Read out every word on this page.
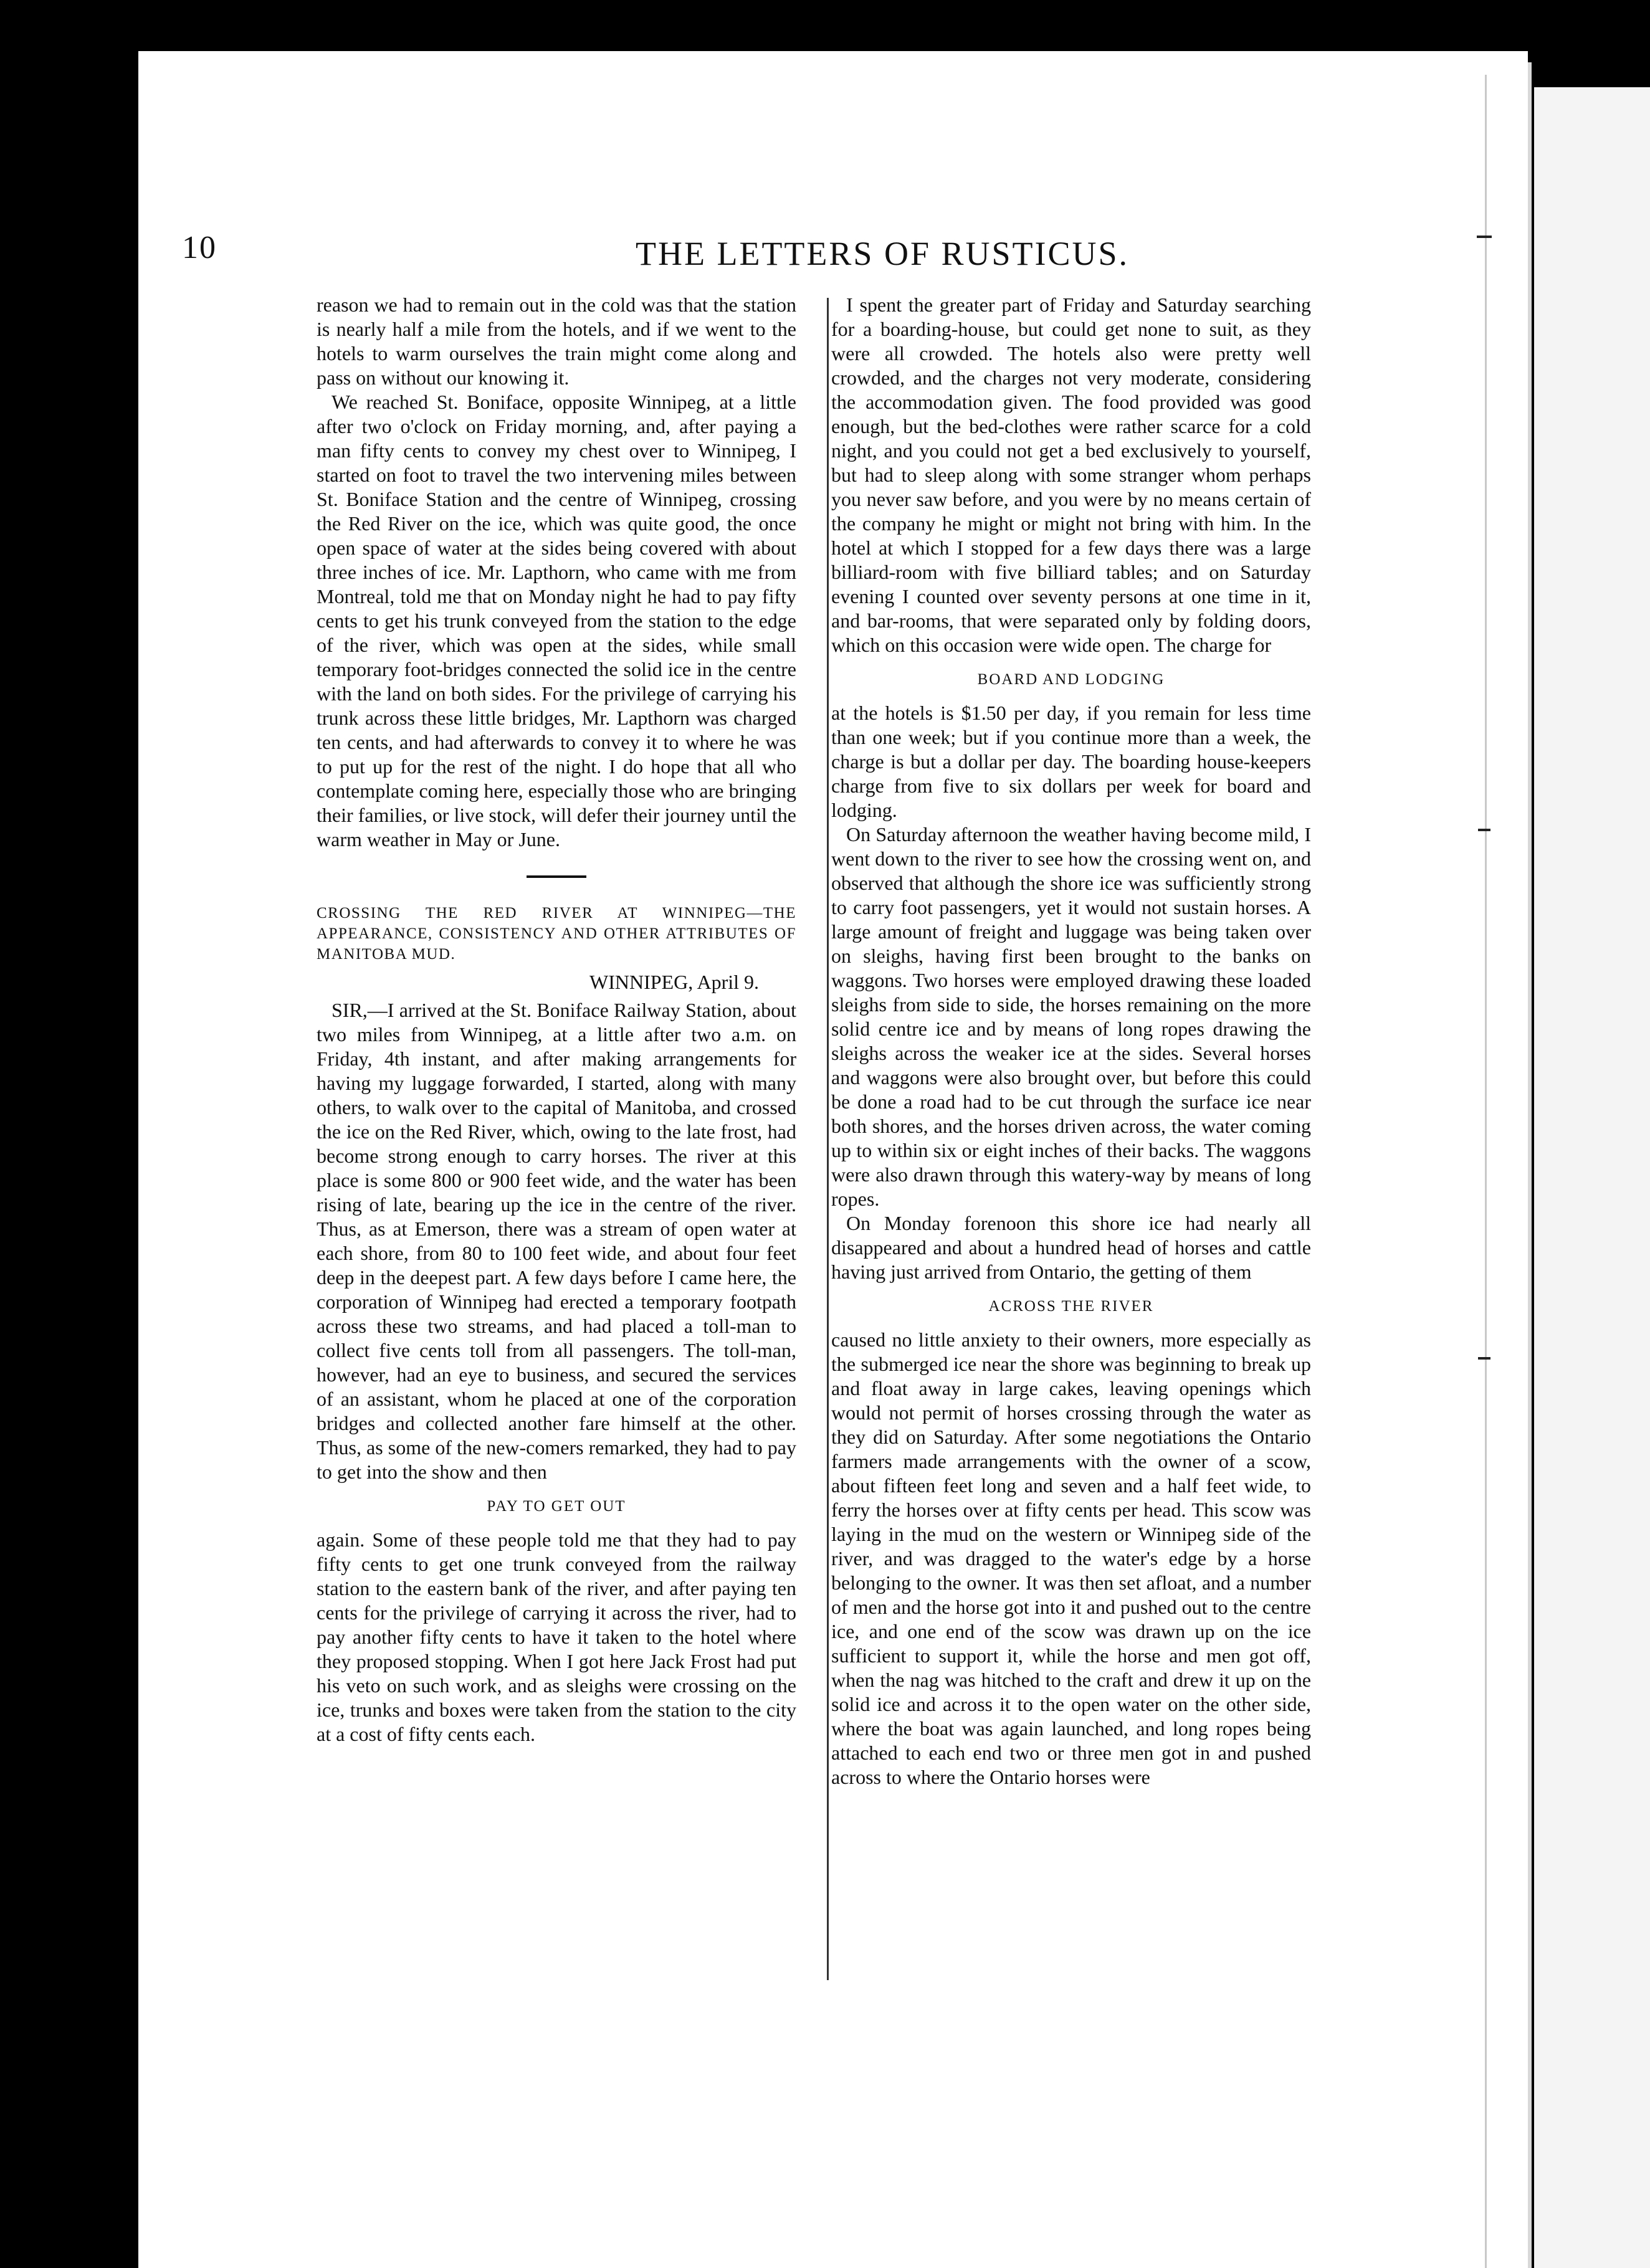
10	THE LETTERS OF RUSTICUS.

reason we had to remain out in the cold was that the station is nearly half a mile from the hotels, and if we went to the hotels to warm ourselves the train might come along and pass on without our knowing it.

We reached St. Boniface, opposite Winnipeg, at a little after two o'clock on Friday morning, and, after paying a man fifty cents to convey my chest over to Winnipeg, I started on foot to travel the two intervening miles between St. Boniface Station and the centre of Winnipeg, crossing the Red River on the ice, which was quite good, the once open space of water at the sides being covered with about three inches of ice. Mr. Lapthorn, who came with me from Montreal, told me that on Monday night he had to pay fifty cents to get his trunk conveyed from the station to the edge of the river, which was open at the sides, while small temporary foot-bridges connected the solid ice in the centre with the land on both sides. For the privilege of carrying his trunk across these little bridges, Mr. Lapthorn was charged ten cents, and had afterwards to convey it to where he was to put up for the rest of the night. I do hope that all who contemplate coming here, especially those who are bringing their families, or live stock, will defer their journey until the warm weather in May or June.

CROSSING THE RED RIVER AT WINNIPEG—THE APPEARANCE, CONSISTENCY AND OTHER ATTRIBUTES OF MANITOBA MUD.
WINNIPEG, April 9.

SIR,—I arrived at the St. Boniface Railway Station, about two miles from Winnipeg, at a little after two a.m. on Friday, 4th instant, and after making arrangements for having my luggage forwarded, I started, along with many others, to walk over to the capital of Manitoba, and crossed the ice on the Red River, which, owing to the late frost, had become strong enough to carry horses. The river at this place is some 800 or 900 feet wide, and the water has been rising of late, bearing up the ice in the centre of the river. Thus, as at Emerson, there was a stream of open water at each shore, from 80 to 100 feet wide, and about four feet deep in the deepest part. A few days before I came here, the corporation of Winnipeg had erected a temporary footpath across these two streams, and had placed a toll-man to collect five cents toll from all passengers. The toll-man, however, had an eye to business, and secured the services of an assistant, whom he placed at one of the corporation bridges and collected another fare himself at the other. Thus, as some of the new-comers remarked, they had to pay to get into the show and then

PAY TO GET OUT

again. Some of these people told me that they had to pay fifty cents to get one trunk conveyed from the railway station to the eastern bank of the river, and after paying ten cents for the privilege of carrying it across the river, had to pay another fifty cents to have it taken to the hotel where they proposed stopping. When I got here Jack Frost had put his veto on such work, and as sleighs were crossing on the ice, trunks and boxes were taken from the station to the city at a cost of fifty cents each.

I spent the greater part of Friday and Saturday searching for a boarding-house, but could get none to suit, as they were all crowded. The hotels also were pretty well crowded, and the charges not very moderate, considering the accommodation given. The food provided was good enough, but the bed-clothes were rather scarce for a cold night, and you could not get a bed exclusively to yourself, but had to sleep along with some stranger whom perhaps you never saw before, and you were by no means certain of the company he might or might not bring with him. In the hotel at which I stopped for a few days there was a large billiard-room with five billiard tables; and on Saturday evening I counted over seventy persons at one time in it, and bar-rooms, that were separated only by folding doors, which on this occasion were wide open. The charge for

BOARD AND LODGING

at the hotels is $1.50 per day, if you remain for less time than one week; but if you continue more than a week, the charge is but a dollar per day. The boarding house-keepers charge from five to six dollars per week for board and lodging.

On Saturday afternoon the weather having become mild, I went down to the river to see how the crossing went on, and observed that although the shore ice was sufficiently strong to carry foot passengers, yet it would not sustain horses. A large amount of freight and luggage was being taken over on sleighs, having first been brought to the banks on waggons. Two horses were employed drawing these loaded sleighs from side to side, the horses remaining on the more solid centre ice and by means of long ropes drawing the sleighs across the weaker ice at the sides. Several horses and waggons were also brought over, but before this could be done a road had to be cut through the surface ice near both shores, and the horses driven across, the water coming up to within six or eight inches of their backs. The waggons were also drawn through this watery-way by means of long ropes.

On Monday forenoon this shore ice had nearly all disappeared and about a hundred head of horses and cattle having just arrived from Ontario, the getting of them

ACROSS THE RIVER

caused no little anxiety to their owners, more especially as the submerged ice near the shore was beginning to break up and float away in large cakes, leaving openings which would not permit of horses crossing through the water as they did on Saturday. After some negotiations the Ontario farmers made arrangements with the owner of a scow, about fifteen feet long and seven and a half feet wide, to ferry the horses over at fifty cents per head. This scow was laying in the mud on the western or Winnipeg side of the river, and was dragged to the water's edge by a horse belonging to the owner. It was then set afloat, and a number of men and the horse got into it and pushed out to the centre ice, and one end of the scow was drawn up on the ice sufficient to support it, while the horse and men got off, when the nag was hitched to the craft and drew it up on the solid ice and across it to the open water on the other side, where the boat was again launched, and long ropes being attached to each end two or three men got in and pushed across to where the Ontario horses were
